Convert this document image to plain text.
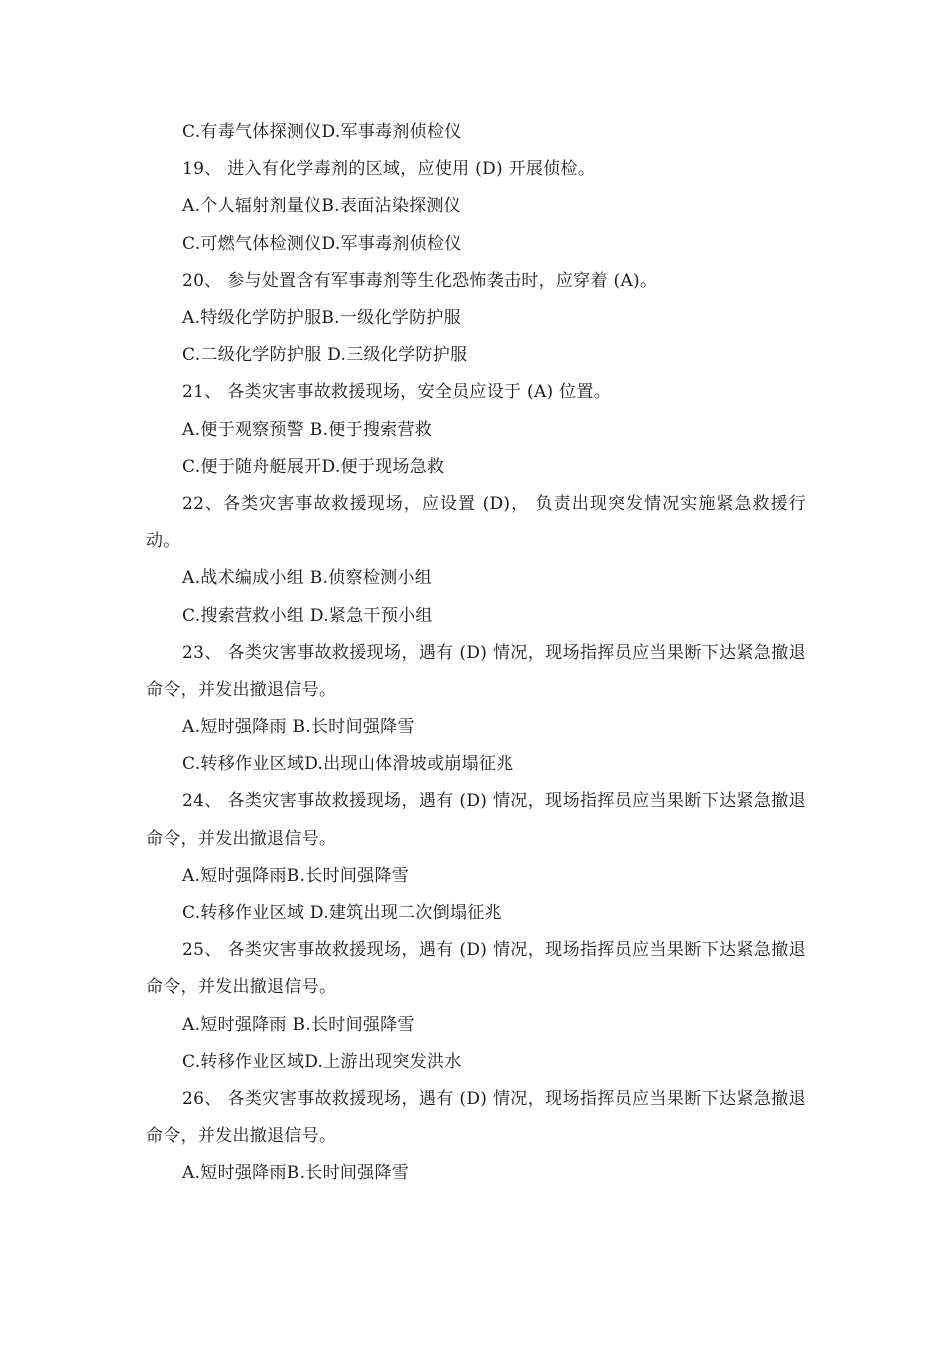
C.有毒气体探测仪D.军事毒剂侦检仪
19、 进入有化学毒剂的区域，应使用 (D) 开展侦检。
A.个人辐射剂量仪B.表面沾染探测仪
C.可燃气体检测仪D.军事毒剂侦检仪
20、 参与处置含有军事毒剂等生化恐怖袭击时，应穿着 (A)。
A.特级化学防护服B.一级化学防护服
C.二级化学防护服 D.三级化学防护服
21、 各类灾害事故救援现场，安全员应设于 (A) 位置。
A.便于观察预警 B.便于搜索营救
C.便于随舟艇展开D.便于现场急救
22、各类灾害事故救援现场，应设置 (D)， 负责出现突发情况实施紧急救援行动。
A.战术编成小组 B.侦察检测小组
C.搜索营救小组 D.紧急干预小组
23、 各类灾害事故救援现场，遇有 (D) 情况，现场指挥员应当果断下达紧急撤退命令，并发出撤退信号。
A.短时强降雨 B.长时间强降雪
C.转移作业区域D.出现山体滑坡或崩塌征兆
24、 各类灾害事故救援现场，遇有 (D) 情况，现场指挥员应当果断下达紧急撤退命令，并发出撤退信号。
A.短时强降雨B.长时间强降雪
C.转移作业区域 D.建筑出现二次倒塌征兆
25、 各类灾害事故救援现场，遇有 (D) 情况，现场指挥员应当果断下达紧急撤退命令，并发出撤退信号。
A.短时强降雨 B.长时间强降雪
C.转移作业区域D.上游出现突发洪水
26、 各类灾害事故救援现场，遇有 (D) 情况，现场指挥员应当果断下达紧急撤退命令，并发出撤退信号。
A.短时强降雨B.长时间强降雪
